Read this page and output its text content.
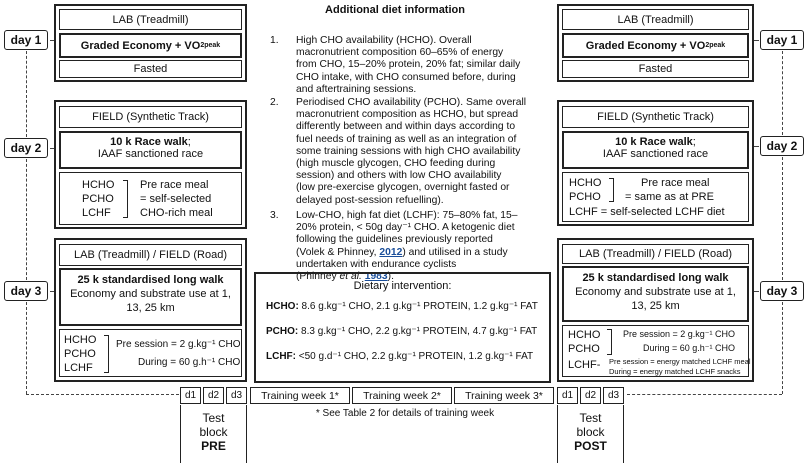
Additional diet information
day 1
day 2
day 3
LAB (Treadmill)
Graded Economy + VO 2 peak
Fasted
FIELD (Synthetic Track)
10 k Race walk;
IAAF sanctioned race
HCHO
PCHO
LCHF
Pre race meal
= self-selected
CHO-rich meal
LAB (Treadmill) / FIELD (Road)
25 k standardised long walk
Economy and substrate use at 1,
13, 25 km
HCHO
PCHO
LCHF
Pre session = 2 g.kg⁻¹ CHO
During = 60 g.h⁻¹ CHO
1. High CHO availability (HCHO). Overall
macronutrient composition 60–65% of energy
from CHO, 15–20% protein, 20% fat; similar daily
CHO intake, with CHO consumed before, during
and aftertraining sessions.
2. Periodised CHO availability (PCHO). Same overall
macronutrient composition as HCHO, but spread
differently between and within days according to
fuel needs of training as well as an integration of
some training sessions with high CHO availability
(high muscle glycogen, CHO feeding during
session) and others with low CHO availability
(low pre-exercise glycogen, overnight fasted or
delayed post-session refuelling).
3. Low-CHO, high fat diet (LCHF): 75–80% fat, 15–
20% protein, < 50g day⁻¹ CHO. A ketogenic diet
following the guidelines previously reported
(Volek & Phinney, 2012) and utilised in a study
undertaken with endurance cyclists
(Phinney et al. 1983).
Dietary intervention:
HCHO: 8.6 g.kg⁻¹ CHO, 2.1 g.kg⁻¹ PROTEIN, 1.2 g.kg⁻¹ FAT
PCHO: 8.3 g.kg⁻¹ CHO, 2.2 g.kg⁻¹ PROTEIN, 4.7 g.kg⁻¹ FAT
LCHF: <50 g.d⁻¹ CHO, 2.2 g.kg⁻¹ PROTEIN, 1.2 g.kg⁻¹ FAT
day 1
day 2
day 3
LAB (Treadmill)
Graded Economy + VO 2 peak
Fasted
FIELD (Synthetic Track)
10 k Race walk;
IAAF sanctioned race
HCHO
PCHO
Pre race meal
= same as at PRE
LCHF = self-selected LCHF diet
LAB (Treadmill) / FIELD (Road)
25 k standardised long walk
Economy and substrate use at 1,
13, 25 km
HCHO
PCHO
Pre session = 2 g.kg⁻¹ CHO
During = 60 g.h⁻¹ CHO
LCHF- Pre session = energy matched LCHF meal
During = energy matched LCHF snacks
d1	d2	d3	Training week 1*	Training week 2*	Training week 3*	d1	d2	d3
* See Table 2 for details of training week
Test
block
PRE
Test
block
POST
